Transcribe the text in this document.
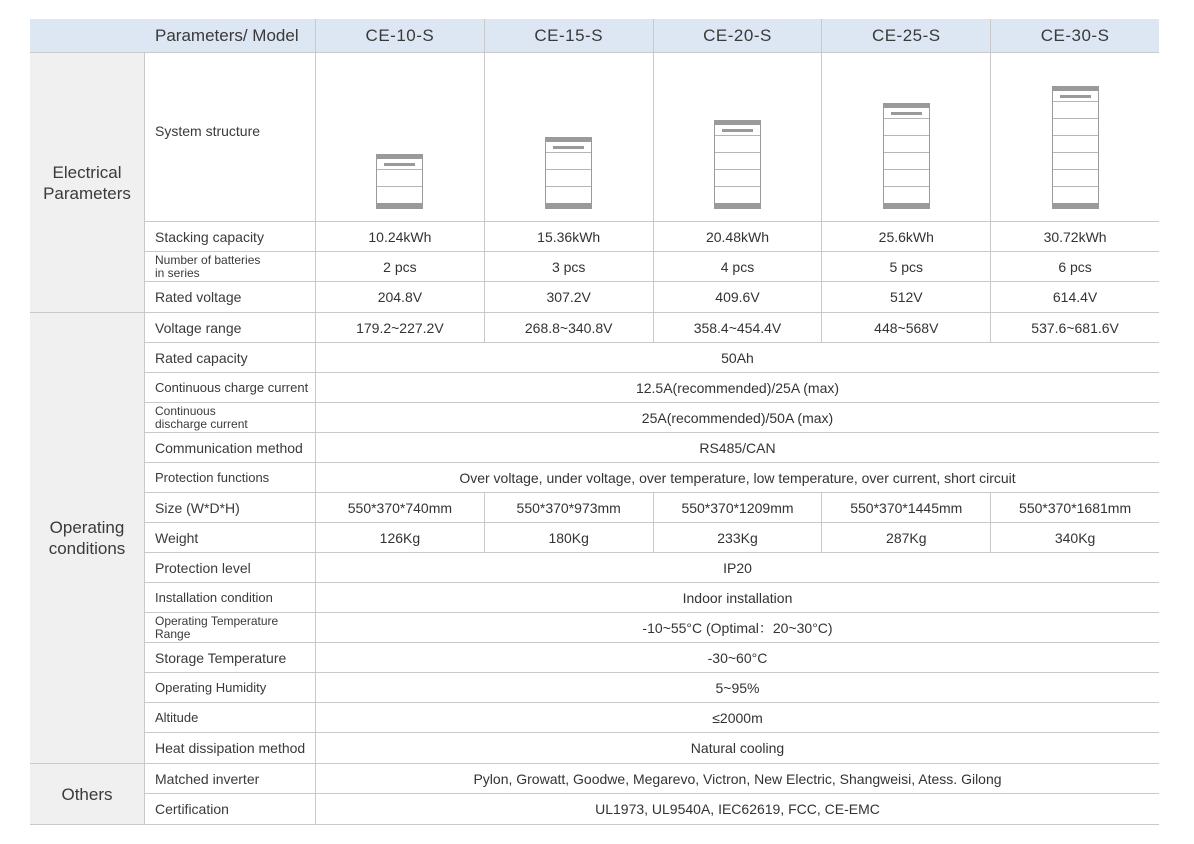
Parameters/ Model	CE-10-S	CE-15-S	CE-20-S	CE-25-S	CE-30-S
Electrical
Parameters
System structure
Stacking capacity	10.24kWh	15.36kWh	20.48kWh	25.6kWh	30.72kWh
Number of batteries
in series	2 pcs	3 pcs	4 pcs	5 pcs	6 pcs
Rated voltage	204.8V	307.2V	409.6V	512V	614.4V
Operating
conditions
Voltage range	179.2~227.2V	268.8~340.8V	358.4~454.4V	448~568V	537.6~681.6V
Rated capacity	50Ah
Continuous charge current	12.5A(recommended)/25A (max)
Continuous
discharge current	25A(recommended)/50A (max)
Communication method	RS485/CAN
Protection functions	Over voltage, under voltage, over temperature, low temperature, over current, short circuit
Size (W*D*H)	550*370*740mm	550*370*973mm	550*370*1209mm	550*370*1445mm	550*370*1681mm
Weight	126Kg	180Kg	233Kg	287Kg	340Kg
Protection level	IP20
Installation condition	Indoor installation
Operating Temperature
Range	-10~55°C (Optimal：20~30°C)
Storage Temperature	-30~60°C
Operating Humidity	5~95%
Altitude	≤2000m
Heat dissipation method	Natural cooling
Others
Matched inverter	Pylon, Growatt, Goodwe, Megarevo, Victron, New Electric, Shangweisi, Atess. Gilong
Certification	UL1973, UL9540A, IEC62619, FCC, CE-EMC
